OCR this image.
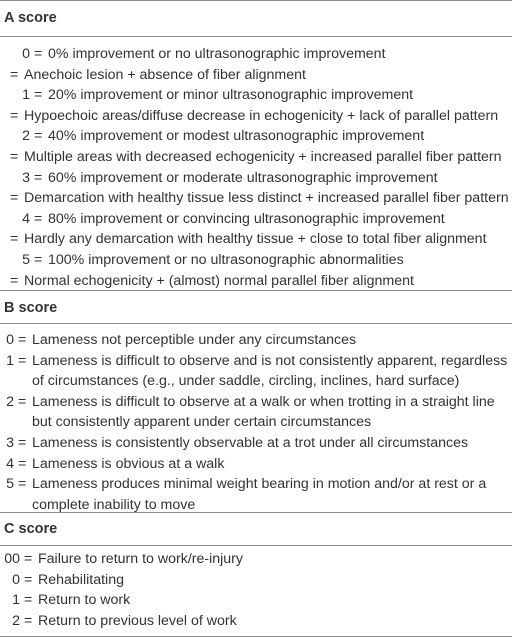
A score
0 = 0% improvement or no ultrasonographic improvement
= Anechoic lesion + absence of fiber alignment
1 = 20% improvement or minor ultrasonographic improvement
= Hypoechoic areas/diffuse decrease in echogenicity + lack of parallel pattern
2 = 40% improvement or modest ultrasonographic improvement
= Multiple areas with decreased echogenicity + increased parallel fiber pattern
3 = 60% improvement or moderate ultrasonographic improvement
= Demarcation with healthy tissue less distinct + increased parallel fiber pattern
4 = 80% improvement or convincing ultrasonographic improvement
= Hardly any demarcation with healthy tissue + close to total fiber alignment
5 = 100% improvement or no ultrasonographic abnormalities
= Normal echogenicity + (almost) normal parallel fiber alignment
B score
0 = Lameness not perceptible under any circumstances
1 = Lameness is difficult to observe and is not consistently apparent, regardless
of circumstances (e.g., under saddle, circling, inclines, hard surface)
2 = Lameness is difficult to observe at a walk or when trotting in a straight line
but consistently apparent under certain circumstances
3 = Lameness is consistently observable at a trot under all circumstances
4 = Lameness is obvious at a walk
5 = Lameness produces minimal weight bearing in motion and/or at rest or a
complete inability to move
C score
00 = Failure to return to work/re-injury
0 = Rehabilitating
1 = Return to work
2 = Return to previous level of work
